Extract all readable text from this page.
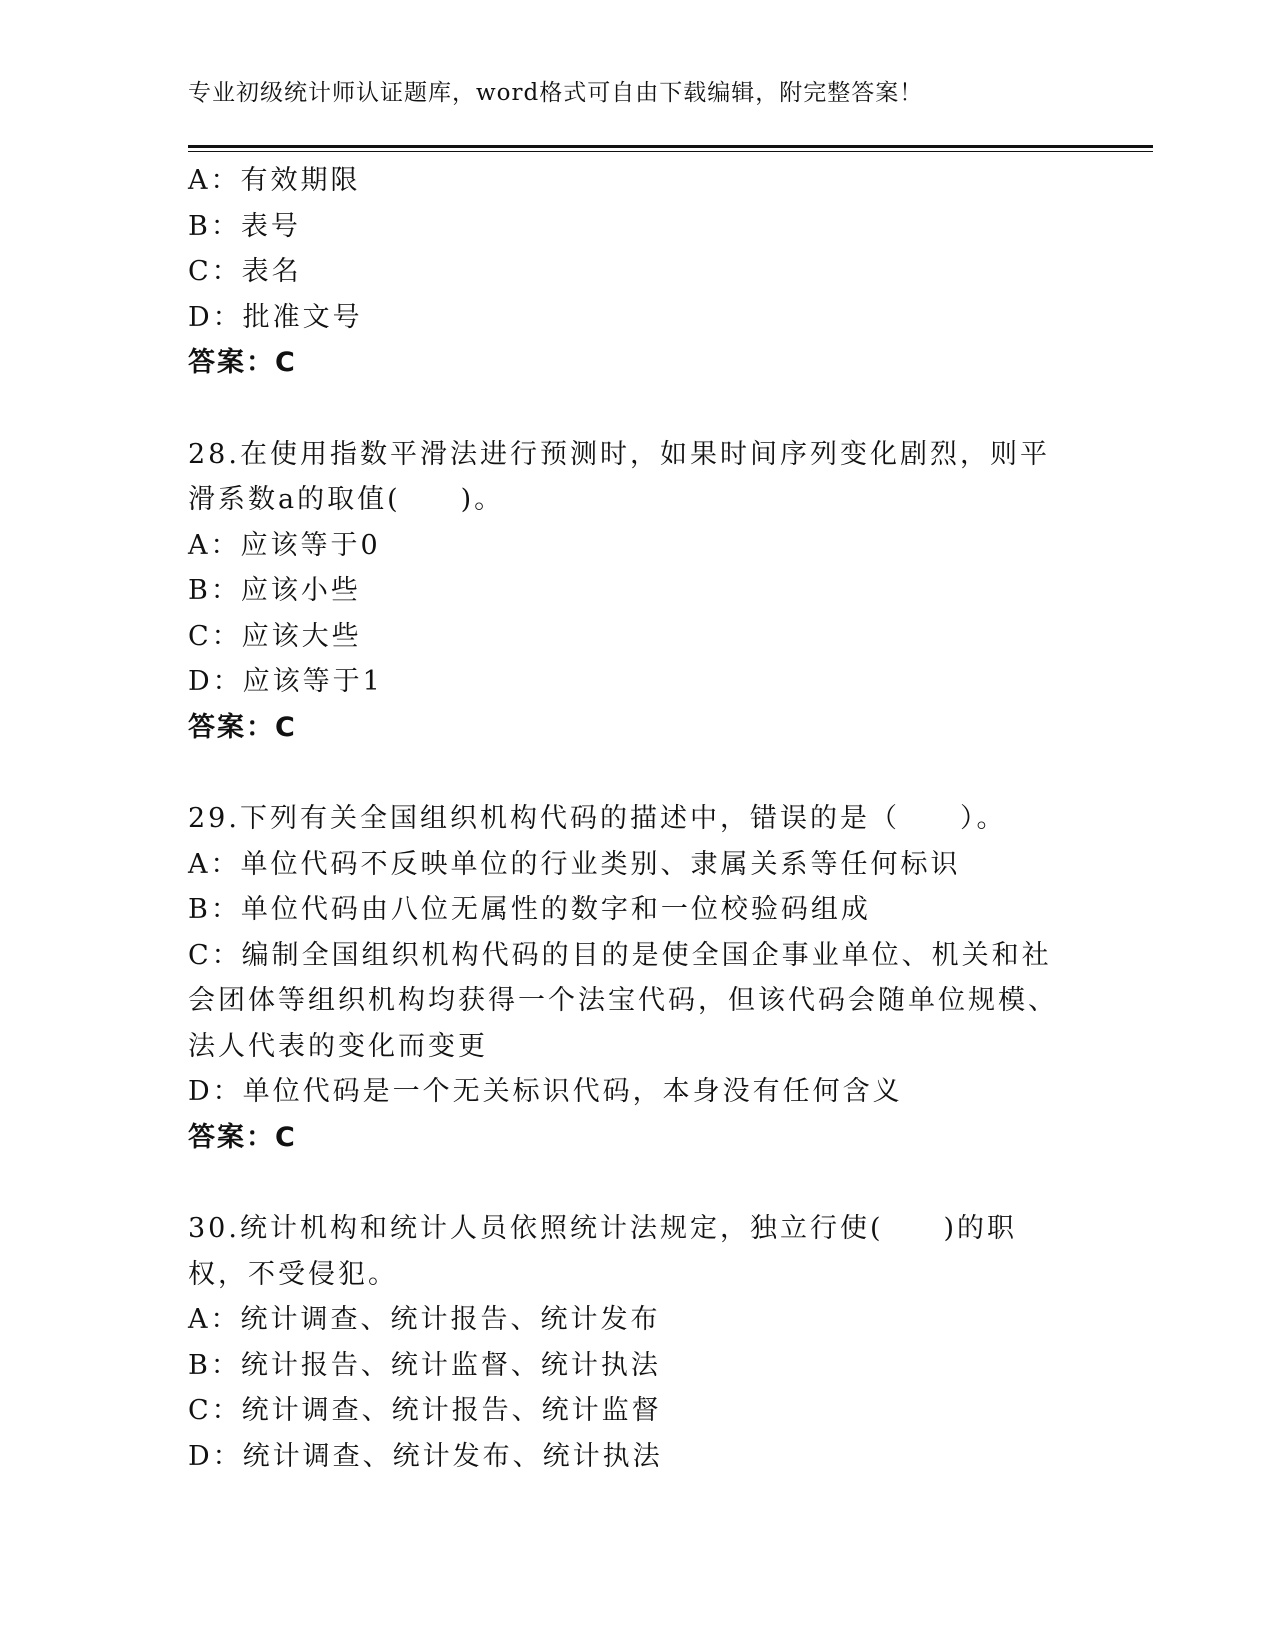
专业初级统计师认证题库，word格式可自由下载编辑，附完整答案！
A：有效期限
B：表号
C：表名
D：批准文号
答案：C
28.在使用指数平滑法进行预测时，如果时间序列变化剧烈，则平滑系数a的取值(　　)。
A：应该等于0
B：应该小些
C：应该大些
D：应该等于1
答案：C
29.下列有关全国组织机构代码的描述中，错误的是（　　）。
A：单位代码不反映单位的行业类别、隶属关系等任何标识
B：单位代码由八位无属性的数字和一位校验码组成
C：编制全国组织机构代码的目的是使全国企事业单位、机关和社会团体等组织机构均获得一个法宝代码，但该代码会随单位规模、法人代表的变化而变更
D：单位代码是一个无关标识代码，本身没有任何含义
答案：C
30.统计机构和统计人员依照统计法规定，独立行使(　　)的职权，不受侵犯。
A：统计调查、统计报告、统计发布
B：统计报告、统计监督、统计执法
C：统计调查、统计报告、统计监督
D：统计调查、统计发布、统计执法
